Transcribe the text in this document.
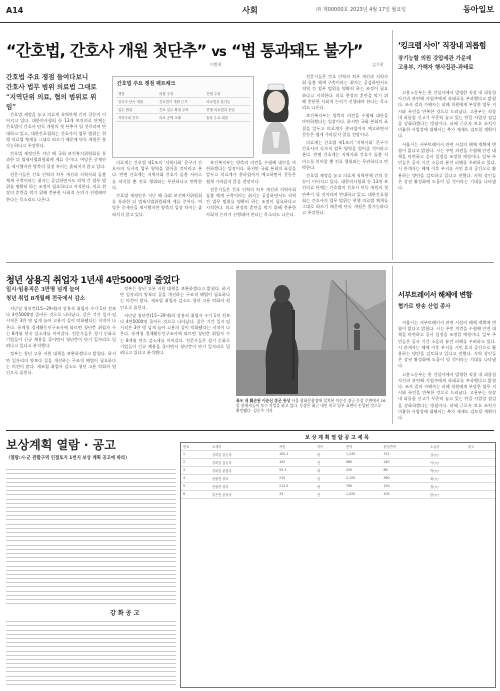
A14	사회	㈜ 제00000호 2023년 4월 17일 월요일	동아일보
“간호법, 간호사 개원 첫단추” vs “법 통과돼도 불가”
이방현	김기현
간호법 주요 쟁점 들여다보니
간호사 법무 범위 의료법 그대로
“지역단위 의료, 협의 범위로 위임”

간호법 제정을 놓고 의료계 직역단체 간의 갈등이 이어지고 있다. 대한의사협회 등 13개 보건의료 단체는 간호법이 간호사 단독 개원의 첫 단추가 될 것이라며 반대하고 있고, 대한간호협회는 간호사의 업무 범위는 현행 의료법 체계를 그대로 따르기 때문에 단독 개원은 불가능하다고 주장한다.

간호법 제정안은 지난 해 국회 보건복지위원회를 통과한 뒤 법제사법위원회에 계류 중이다. 여당은 중재안을 제시했지만 양측의 입장 차이는 좁혀지지 않고 있다.

전문가들은 간호 인력의 처우 개선과 지역사회 돌봄 체계 구축이라는 취지는 공감하면서도 직역 간 업무 범위를 명확히 하는 조정이 필요하다고 지적한다. 의료 현장의 혼란을 막기 위해 충분한 사회적 논의가 선행돼야 한다는 목소리도 나온다.

간호법 주요 쟁점 팩트체크
쟁점	의협 주장	간협 주장
간호사 단독 개원	간호법이 개원 근거	의료법상 불가능
업무 범위	간호 업무 확대 우려	현행 의료법과 동일
지역사회 간호	의료 공백 초래	돌봄 수요 대응

의료계는 간호법 제1조의 ‘지역사회’ 문구가 간호사의 독자적 업무 영역을 열어줄 것이라고 본다. 반면 간호계는 지역사회 간호가 돌봄 서비스를 의미할 뿐 진료 행위와는 무관하다고 반박한다.

간호법 제정안은 지난 해 국회 보건복지위원회를 통과한 뒤 법제사법위원회에 계류 중이다. 여당은 중재안을 제시했지만 양측의 입장 차이는 좁혀지지 않고 있다.

보건복지부는 양측의 의견을 수렴해 대안을 마련하겠다는 입장이다. 하지만 국회 본회의 표결을 앞두고 의료계가 총파업까지 예고하면서 갈등은 쉽게 가라앉지 않을 전망이다.

전문가들은 간호 인력의 처우 개선과 지역사회 돌봄 체계 구축이라는 취지는 공감하면서도 직역 간 업무 범위를 명확히 하는 조정이 필요하다고 지적한다. 의료 현장의 혼란을 막기 위해 충분한 사회적 논의가 선행돼야 한다는 목소리도 나온다.

전문가들은 간호 인력의 처우 개선과 지역사회 돌봄 체계 구축이라는 취지는 공감하면서도 직역 간 업무 범위를 명확히 하는 조정이 필요하다고 지적한다. 의료 현장의 혼란을 막기 위해 충분한 사회적 논의가 선행돼야 한다는 목소리도 나온다.

보건복지부는 양측의 의견을 수렴해 대안을 마련하겠다는 입장이다. 하지만 국회 본회의 표결을 앞두고 의료계가 총파업까지 예고하면서 갈등은 쉽게 가라앉지 않을 전망이다.

의료계는 간호법 제1조의 ‘지역사회’ 문구가 간호사의 독자적 업무 영역을 열어줄 것이라고 본다. 반면 간호계는 지역사회 간호가 돌봄 서비스를 의미할 뿐 진료 행위와는 무관하다고 반박한다.

간호법 제정을 놓고 의료계 직역단체 간의 갈등이 이어지고 있다. 대한의사협회 등 13개 보건의료 단체는 간호법이 간호사 단독 개원의 첫 단추가 될 것이라며 반대하고 있고, 대한간호협회는 간호사의 업무 범위는 현행 의료법 체계를 그대로 따르기 때문에 단독 개원은 불가능하다고 주장한다.

‘킹크랩 사이’ 직장내 괴롭힘
장기능할 의원 강압세관 가운데
고용부, 가해자 행사집관-과태료

고용노동부는 한 건설사에서 발생한 직장 내 괴롭힘 사건과 관련해 사업주에게 과태료를 부과했다고 밝혔다. 조사 결과 가해자는 피해 직원에게 부당한 업무 지시와 폭언을 반복한 것으로 드러났다. 고용부는 직장 내 괴롭힘 신고가 꾸준히 늘고 있는 만큼 사업장 점검을 강화하겠다는 방침이다. 피해 근로자 보호 조치가 미흡한 사업장에 대해서는 추가 제재도 검토할 계획이다.

서울시는 서부트레이서 관련 시설의 해체 계획에 변함이 없다고 밝혔다. 시는 주민 의견을 수렴해 안전 대책을 마련하고 공사 일정을 조정할 예정이다. 일부 주민들은 공사 기간 소음과 분진 피해를 우려하고 있다. 시 관계자는 해체 이후 부지를 시민 휴식 공간으로 활용하는 방안을 검토하고 있다고 전했다. 지역 상인들은 상권 활성화에 도움이 될 것이라는 기대를 나타냈다.

청년 상용직 취업자 1년새 4만5000명 줄었다
일시·임용직은 3만명 넘게 늘어
청년 취업 8개월째 전국에서 감소

지난달 청년층(15∼29세)의 상용직 취업자 수가 1년 전보다 4만5000명 줄어든 것으로 나타났다. 같은 기간 일시·임시직은 3만 명 넘게 늘어 고용의 질이 악화됐다는 지적이 나온다. 통계청 경제활동인구조사에 따르면 청년층 취업자 수는 8개월 연속 감소세를 이어갔다. 전문가들은 경기 둔화로 기업들이 신규 채용을 줄이면서 청년층이 단기 일자리로 밀려나고 있다고 분석했다.

정부는 청년 고용 지원 대책을 보완하겠다고 밝혔다. 하지만 일자리의 양보다 질을 개선하는 구조적 해법이 필요하다는 의견이 많다. 제조업 취업자 감소도 청년 고용 악화의 원인으로 꼽힌다.

정부는 청년 고용 지원 대책을 보완하겠다고 밝혔다. 하지만 일자리의 양보다 질을 개선하는 구조적 해법이 필요하다는 의견이 많다. 제조업 취업자 감소도 청년 고용 악화의 원인으로 꼽힌다.

지난달 청년층(15∼29세)의 상용직 취업자 수가 1년 전보다 4만5000명 줄어든 것으로 나타났다. 같은 기간 일시·임시직은 3만 명 넘게 늘어 고용의 질이 악화됐다는 지적이 나온다. 통계청 경제활동인구조사에 따르면 청년층 취업자 수는 8개월 연속 감소세를 이어갔다. 전문가들은 경기 둔화로 기업들이 신규 채용을 줄이면서 청년층이 단기 일자리로 밀려나고 있다고 분석했다.

폭우 내 훼손된 이순신 장군 동상 서울 광화문광장에 설치된 이순신 장군 동상 주변에서 16일 관계자들이 보수 작업을 하고 있다. 동상은 최근 내린 비로 일부 표면이 손상된 것으로 확인됐다. 김동주 기자
서부트레이서 해체에 변함
협가로 방송 산업 종사

서울시는 서부트레이서 관련 시설의 해체 계획에 변함이 없다고 밝혔다. 시는 주민 의견을 수렴해 안전 대책을 마련하고 공사 일정을 조정할 예정이다. 일부 주민들은 공사 기간 소음과 분진 피해를 우려하고 있다. 시 관계자는 해체 이후 부지를 시민 휴식 공간으로 활용하는 방안을 검토하고 있다고 전했다. 지역 상인들은 상권 활성화에 도움이 될 것이라는 기대를 나타냈다.

고용노동부는 한 건설사에서 발생한 직장 내 괴롭힘 사건과 관련해 사업주에게 과태료를 부과했다고 밝혔다. 조사 결과 가해자는 피해 직원에게 부당한 업무 지시와 폭언을 반복한 것으로 드러났다. 고용부는 직장 내 괴롭힘 신고가 꾸준히 늘고 있는 만큼 사업장 점검을 강화하겠다는 방침이다. 피해 근로자 보호 조치가 미흡한 사업장에 대해서는 추가 제재도 검토할 계획이다.

보상계획 열람 · 공고
（열람:시·군 관할구역 인접토지 1번지 보상 계획 공고에 따라）
강 화 공 고
보 상 계 획 열 람 공 고 세 목
번호	소재지	지번	지목	면적	편입면적	소유자	비고
1	강화읍 갑곳리	100-1	답	1,245	312	김○○	
2	강화읍 갑곳리	102	전	980	240	이○○	
3	강화읍 관청리	55-3	대	430	88	박○○	
4	선원면 창리	210	임	2,100	560	최○○	
5	선원면 창리	212-2	답	760	150	정○○	
6	불은면 삼성리	33	전	1,020	205	한○○	
